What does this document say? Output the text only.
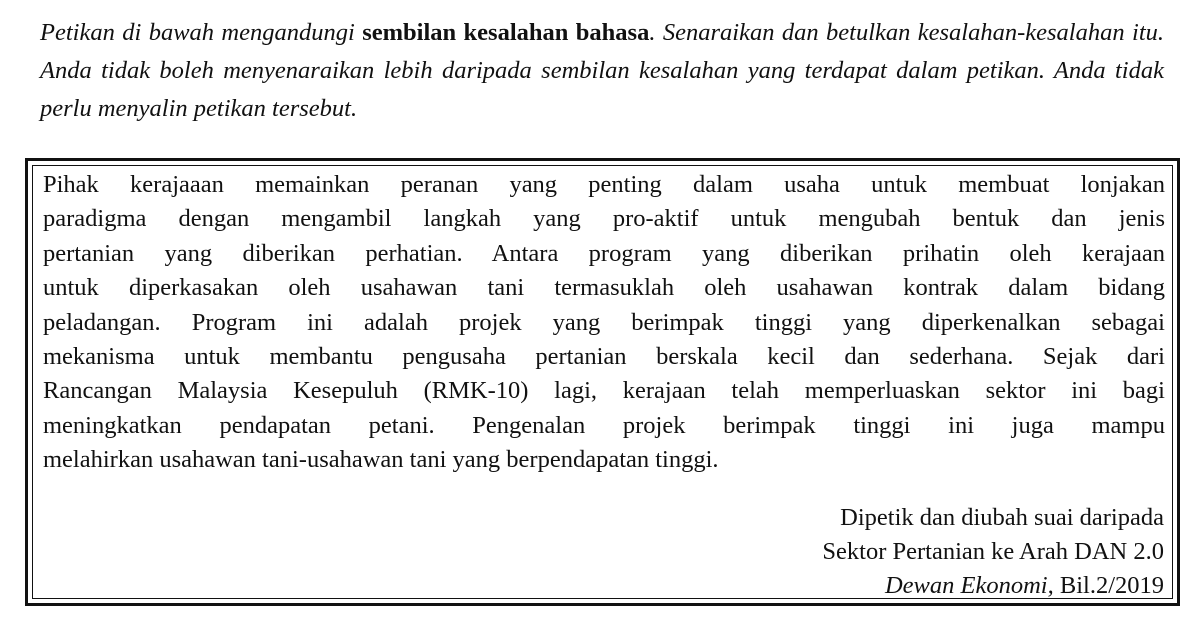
Petikan di bawah mengandungi sembilan kesalahan bahasa. Senaraikan dan betulkan kesalahan-kesalahan itu. Anda tidak boleh menyenaraikan lebih daripada sembilan kesalahan yang terdapat dalam petikan. Anda tidak perlu menyalin petikan tersebut.
Pihak kerajaaan memainkan peranan yang penting dalam usaha untuk membuat lonjakan
paradigma dengan mengambil langkah yang pro-aktif untuk mengubah bentuk dan jenis
pertanian yang diberikan perhatian. Antara program yang diberikan prihatin oleh kerajaan
untuk diperkasakan oleh usahawan tani termasuklah oleh usahawan kontrak dalam bidang
peladangan. Program ini adalah projek yang berimpak tinggi yang diperkenalkan sebagai
mekanisma untuk membantu pengusaha pertanian berskala kecil dan sederhana. Sejak dari
Rancangan Malaysia Kesepuluh (RMK-10) lagi, kerajaan telah memperluaskan sektor ini bagi
meningkatkan pendapatan petani. Pengenalan projek berimpak tinggi ini juga mampu
melahirkan usahawan tani-usahawan tani yang berpendapatan tinggi.
Dipetik dan diubah suai daripada
Sektor Pertanian ke Arah DAN 2.0
Dewan Ekonomi, Bil.2/2019
